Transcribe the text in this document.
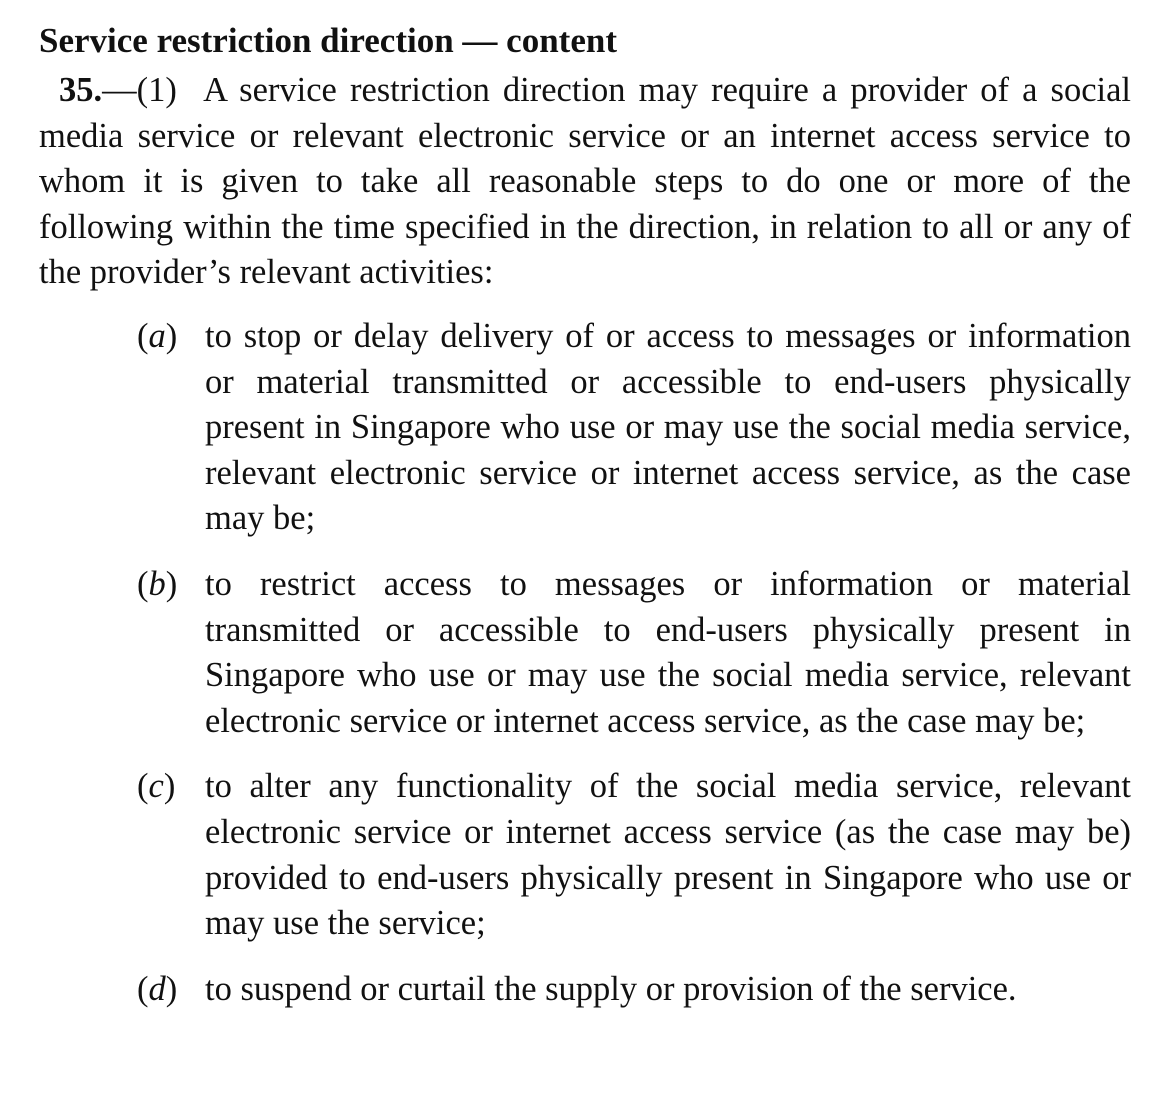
Service restriction direction — content

35.—(1) A service restriction direction may require a provider of a social media service or relevant electronic service or an internet access service to whom it is given to take all reasonable steps to do one or more of the following within the time specified in the direction, in relation to all or any of the provider’s relevant activities:

(a) to stop or delay delivery of or access to messages or information or material transmitted or accessible to end-users physically present in Singapore who use or may use the social media service, relevant electronic service or internet access service, as the case may be;
(b) to restrict access to messages or information or material transmitted or accessible to end-users physically present in Singapore who use or may use the social media service, relevant electronic service or internet access service, as the case may be;
(c) to alter any functionality of the social media service, relevant electronic service or internet access service (as the case may be) provided to end-users physically present in Singapore who use or may use the service;
(d) to suspend or curtail the supply or provision of the service.
